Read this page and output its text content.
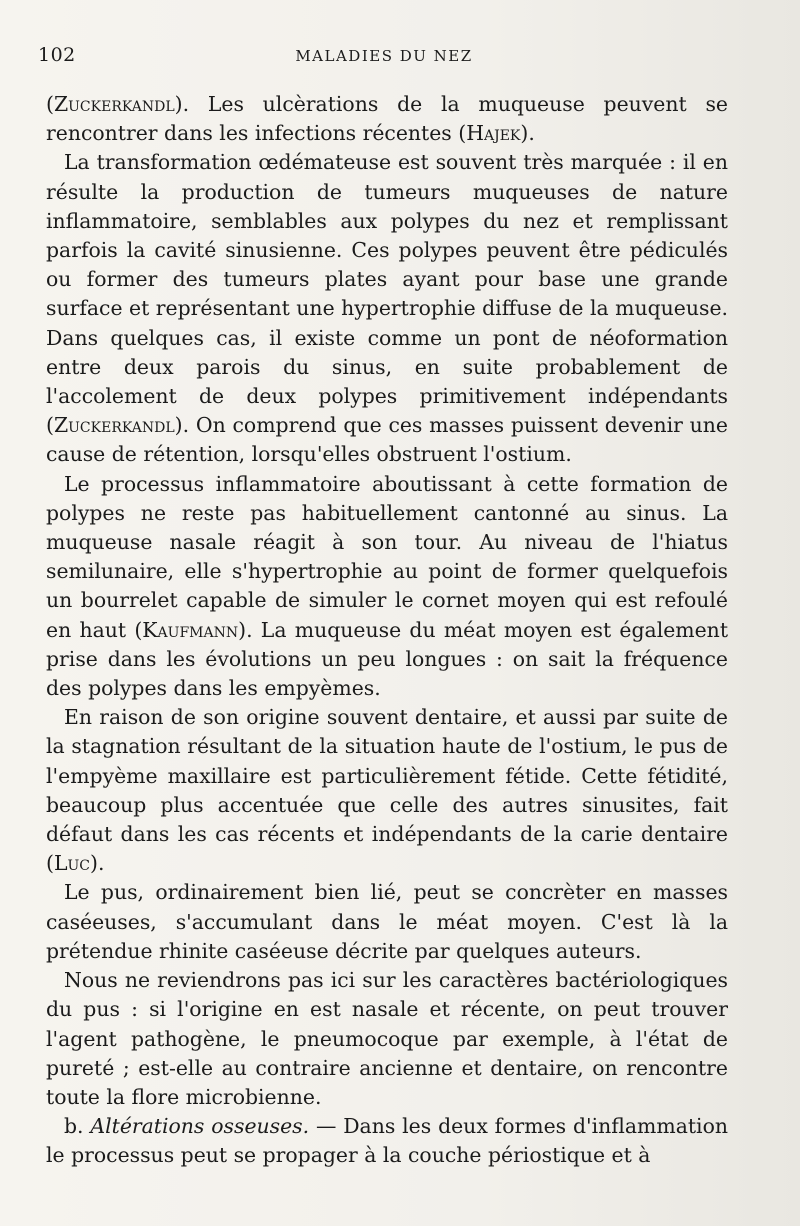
102	MALADIES DU NEZ

(Zuckerkandl). Les ulcèrations de la muqueuse peuvent se rencontrer dans les infections récentes (Hajek).

La transformation œdémateuse est souvent très marquée : il en résulte la production de tumeurs muqueuses de nature inflammatoire, semblables aux polypes du nez et remplissant parfois la cavité sinusienne. Ces polypes peuvent être pédiculés ou former des tumeurs plates ayant pour base une grande surface et représentant une hypertrophie diffuse de la muqueuse. Dans quelques cas, il existe comme un pont de néoformation entre deux parois du sinus, en suite probablement de l'accolement de deux polypes primitivement indépendants (Zuckerkandl). On comprend que ces masses puissent devenir une cause de rétention, lorsqu'elles obstruent l'ostium.

Le processus inflammatoire aboutissant à cette formation de polypes ne reste pas habituellement cantonné au sinus. La muqueuse nasale réagit à son tour. Au niveau de l'hiatus semilunaire, elle s'hypertrophie au point de former quelquefois un bourrelet capable de simuler le cornet moyen qui est refoulé en haut (Kaufmann). La muqueuse du méat moyen est également prise dans les évolutions un peu longues : on sait la fréquence des polypes dans les empyèmes.

En raison de son origine souvent dentaire, et aussi par suite de la stagnation résultant de la situation haute de l'ostium, le pus de l'empyème maxillaire est particulièrement fétide. Cette fétidité, beaucoup plus accentuée que celle des autres sinusites, fait défaut dans les cas récents et indépendants de la carie dentaire (Luc).

Le pus, ordinairement bien lié, peut se concrèter en masses caséeuses, s'accumulant dans le méat moyen. C'est là la prétendue rhinite caséeuse décrite par quelques auteurs.

Nous ne reviendrons pas ici sur les caractères bactériologiques du pus : si l'origine en est nasale et récente, on peut trouver l'agent pathogène, le pneumocoque par exemple, à l'état de pureté ; est-elle au contraire ancienne et dentaire, on rencontre toute la flore microbienne.

b. Altérations osseuses. — Dans les deux formes d'inflammation le processus peut se propager à la couche périostique et à
